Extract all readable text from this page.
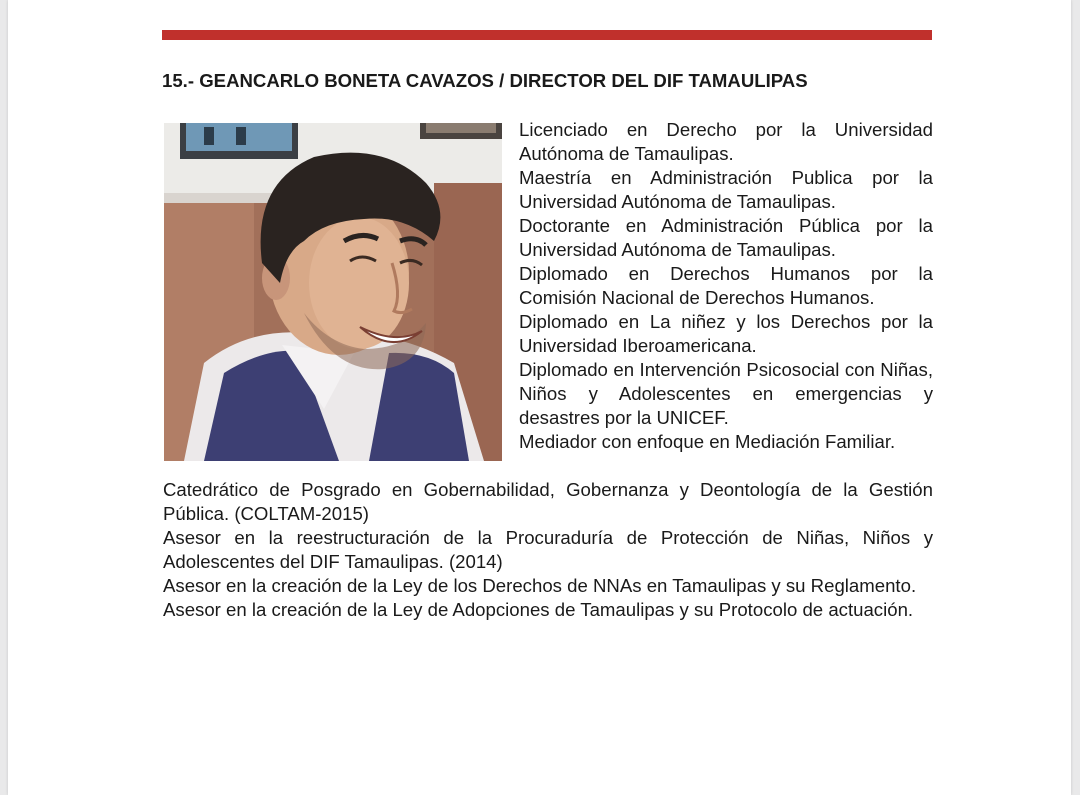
15.- GEANCARLO BONETA CAVAZOS / DIRECTOR DEL DIF TAMAULIPAS

Licenciado en Derecho por la Universidad Autónoma de Tamaulipas.

Maestría en Administración Publica por la Universidad Autónoma de Tamaulipas.

Doctorante en Administración Pública por la Universidad Autónoma de Tamaulipas.

Diplomado en Derechos Humanos por la Comisión Nacional de Derechos Humanos.

Diplomado en La niñez y los Derechos por la Universidad Iberoamericana.

Diplomado en Intervención Psicosocial con Niñas, Niños y Adolescentes en emergencias y desastres por la UNICEF.

Mediador con enfoque en Mediación Familiar.

Catedrático de Posgrado en Gobernabilidad, Gobernanza y Deontología de la Gestión Pública. (COLTAM-2015)

Asesor en la reestructuración de la Procuraduría de Protección de Niñas, Niños y Adolescentes del DIF Tamaulipas. (2014)

Asesor en la creación de la Ley de los Derechos de NNAs en Tamaulipas y su Reglamento.

Asesor en la creación de la Ley de Adopciones de Tamaulipas y su Protocolo de actuación.
